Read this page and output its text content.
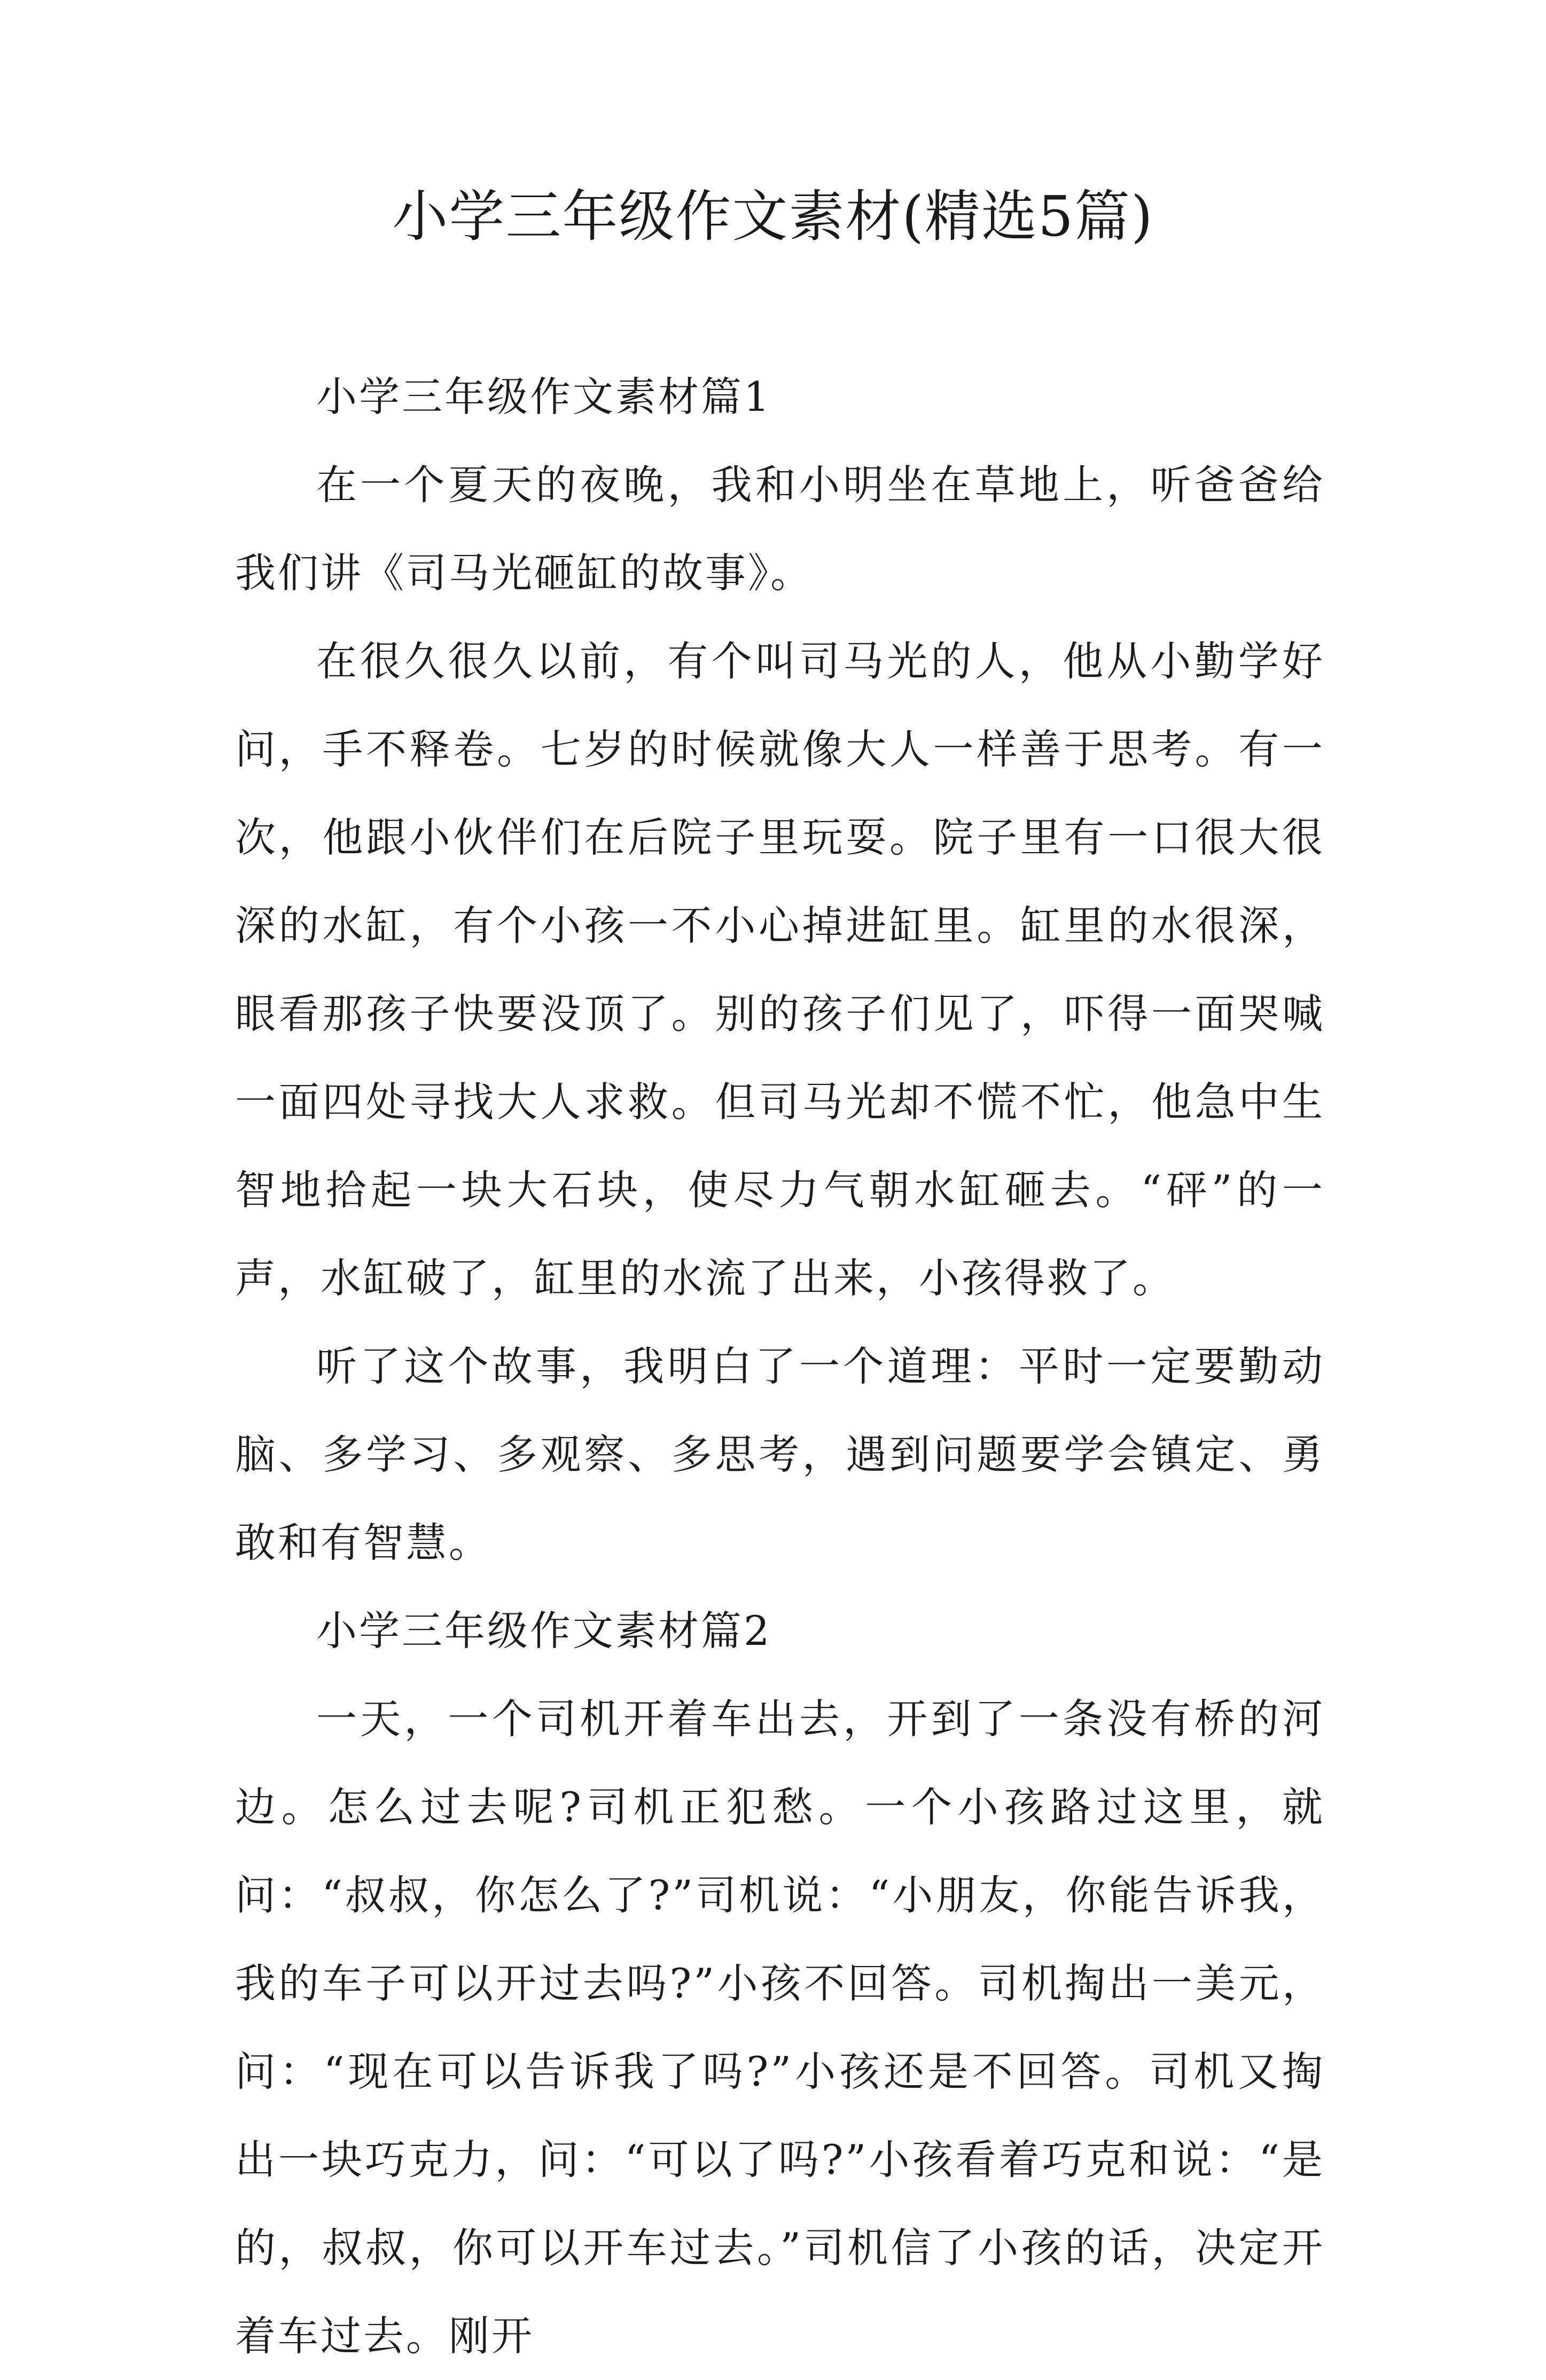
小学三年级作文素材(精选5篇)

小学三年级作文素材篇1

在一个夏天的夜晚，我和小明坐在草地上，听爸爸给我们讲《司马光砸缸的故事》。

在很久很久以前，有个叫司马光的人，他从小勤学好问，手不释卷。七岁的时候就像大人一样善于思考。有一次，他跟小伙伴们在后院子里玩耍。院子里有一口很大很深的水缸，有个小孩一不小心掉进缸里。缸里的水很深，眼看那孩子快要没顶了。别的孩子们见了，吓得一面哭喊一面四处寻找大人求救。但司马光却不慌不忙，他急中生智地拾起一块大石块，使尽力气朝水缸砸去。“砰”的一声，水缸破了，缸里的水流了出来，小孩得救了。

听了这个故事，我明白了一个道理：平时一定要勤动脑、多学习、多观察、多思考，遇到问题要学会镇定、勇敢和有智慧。

小学三年级作文素材篇2

一天，一个司机开着车出去，开到了一条没有桥的河边。怎么过去呢?司机正犯愁。一个小孩路过这里，就问：“叔叔，你怎么了?”司机说：“小朋友，你能告诉我，我的车子可以开过去吗?”小孩不回答。司机掏出一美元，问：“现在可以告诉我了吗?”小孩还是不回答。司机又掏出一块巧克力，问：“可以了吗?”小孩看着巧克和说：“是的，叔叔，你可以开车过去。”司机信了小孩的话，决定开着车过去。刚开
